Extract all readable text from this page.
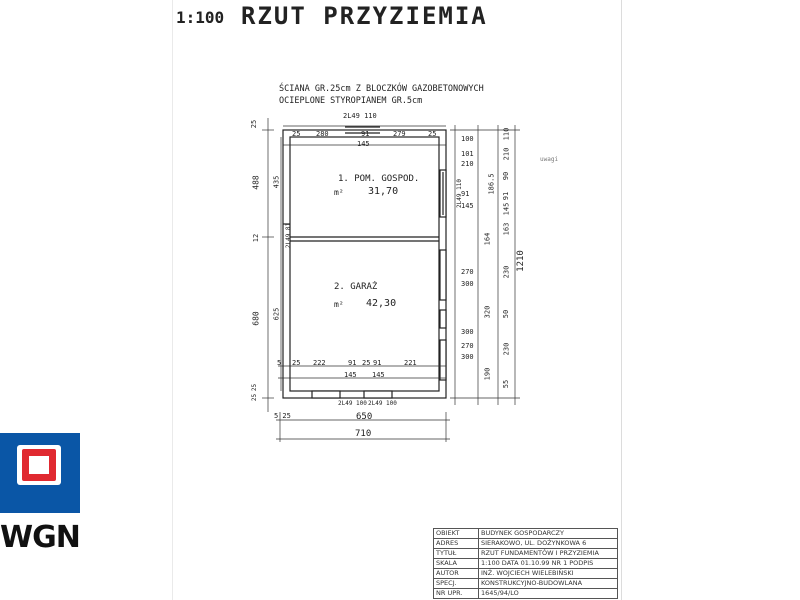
1:100 RZUT PRZYZIEMIA
ŚCIANA GR.25cm Z BLOCZKÓW GAZOBETONOWYCH
OCIEPLONE STYROPIANEM GR.5cm
1. POM. GOSPOD.
m² 31,70
2. GARAŻ
m² 42,30
uwagi
2L49 110
25 280	91	279	25
145
25
488
12
680
25
25
435
625
2L49 81
100
101
210
186.5
91
145
164
270
300
300
320
270
300
190
110
210
90
91
145
163
230
50
230
55
1210
2L49 110
5 25 222	91 25 91	221
145 145
2L49 100 2L49 100
5 25	650
710
OBIEKT	BUDYNEK GOSPODARCZY
ADRES	SIERAKOWO, UL. DOŻYNKOWA 6
TYTUŁ	RZUT FUNDAMENTÓW I PRZYZIEMIA
SKALA	1:100 DATA 01.10.99 NR 1 PODPIS
AUTOR	INŻ. WOJCIECH WIELEBIŃSKI
SPECJ.	KONSTRUKCYJNO-BUDOWLANA
NR UPR.	1645/94/LO
WGN
